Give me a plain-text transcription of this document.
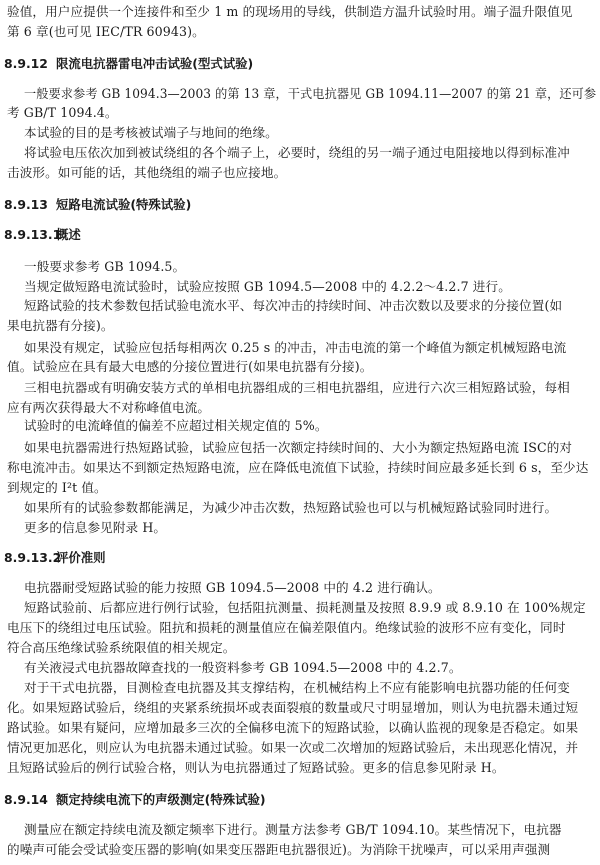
验值，用户应提供一个连接件和至少 1 m 的现场用的导线，供制造方温升试验时用。端子温升限值见
第 6 章(也可见 IEC/TR 60943)。
8.9.12 限流电抗器雷电冲击试验(型式试验)
一般要求参考 GB 1094.3—2003 的第 13 章，干式电抗器见 GB 1094.11—2007 的第 21 章，还可参
考 GB/T 1094.4。
本试验的目的是考核被试端子与地间的绝缘。
将试验电压依次加到被试绕组的各个端子上，必要时，绕组的另一端子通过电阻接地以得到标准冲
击波形。如可能的话，其他绕组的端子也应接地。
8.9.13 短路电流试验(特殊试验)
8.9.13.1概述
一般要求参考 GB 1094.5。
当规定做短路电流试验时，试验应按照 GB 1094.5—2008 中的 4.2.2～4.2.7 进行。
短路试验的技术参数包括试验电流水平、每次冲击的持续时间、冲击次数以及要求的分接位置(如
果电抗器有分接)。
如果没有规定，试验应包括每相两次 0.25 s 的冲击，冲击电流的第一个峰值为额定机械短路电流
值。试验应在具有最大电感的分接位置进行(如果电抗器有分接)。
三相电抗器或有明确安装方式的单相电抗器组成的三相电抗器组，应进行六次三相短路试验，每相
应有两次获得最大不对称峰值电流。
试验时的电流峰值的偏差不应超过相关规定值的 5%。
如果电抗器需进行热短路试验，试验应包括一次额定持续时间的、大小为额定热短路电流 ISC的对
称电流冲击。如果达不到额定热短路电流，应在降低电流值下试验，持续时间应最多延长到 6 s，至少达
到规定的 I²t 值。
如果所有的试验参数都能满足，为减少冲击次数，热短路试验也可以与机械短路试验同时进行。
更多的信息参见附录 H。
8.9.13.2评价准则
电抗器耐受短路试验的能力按照 GB 1094.5—2008 中的 4.2 进行确认。
短路试验前、后都应进行例行试验，包括阻抗测量、损耗测量及按照 8.9.9 或 8.9.10 在 100%规定
电压下的绕组过电压试验。阻抗和损耗的测量值应在偏差限值内。绝缘试验的波形不应有变化，同时
符合高压绝缘试验系统限值的相关规定。
有关液浸式电抗器故障查找的一般资料参考 GB 1094.5—2008 中的 4.2.7。
对于干式电抗器，目测检查电抗器及其支撑结构，在机械结构上不应有能影响电抗器功能的任何变
化。如果短路试验后，绕组的夹紧系统损坏或表面裂痕的数量或尺寸明显增加，则认为电抗器未通过短
路试验。如果有疑问，应增加最多三次的全偏移电流下的短路试验，以确认监视的现象是否稳定。如果
情况更加恶化，则应认为电抗器未通过试验。如果一次或二次增加的短路试验后，未出现恶化情况，并
且短路试验后的例行试验合格，则认为电抗器通过了短路试验。更多的信息参见附录 H。
8.9.14 额定持续电流下的声级测定(特殊试验)
测量应在额定持续电流及额定频率下进行。测量方法参考 GB/T 1094.10。某些情况下，电抗器
的噪声可能会受试验变压器的影响(如果变压器距电抗器很近)。为消除干扰噪声，可以采用声强测
